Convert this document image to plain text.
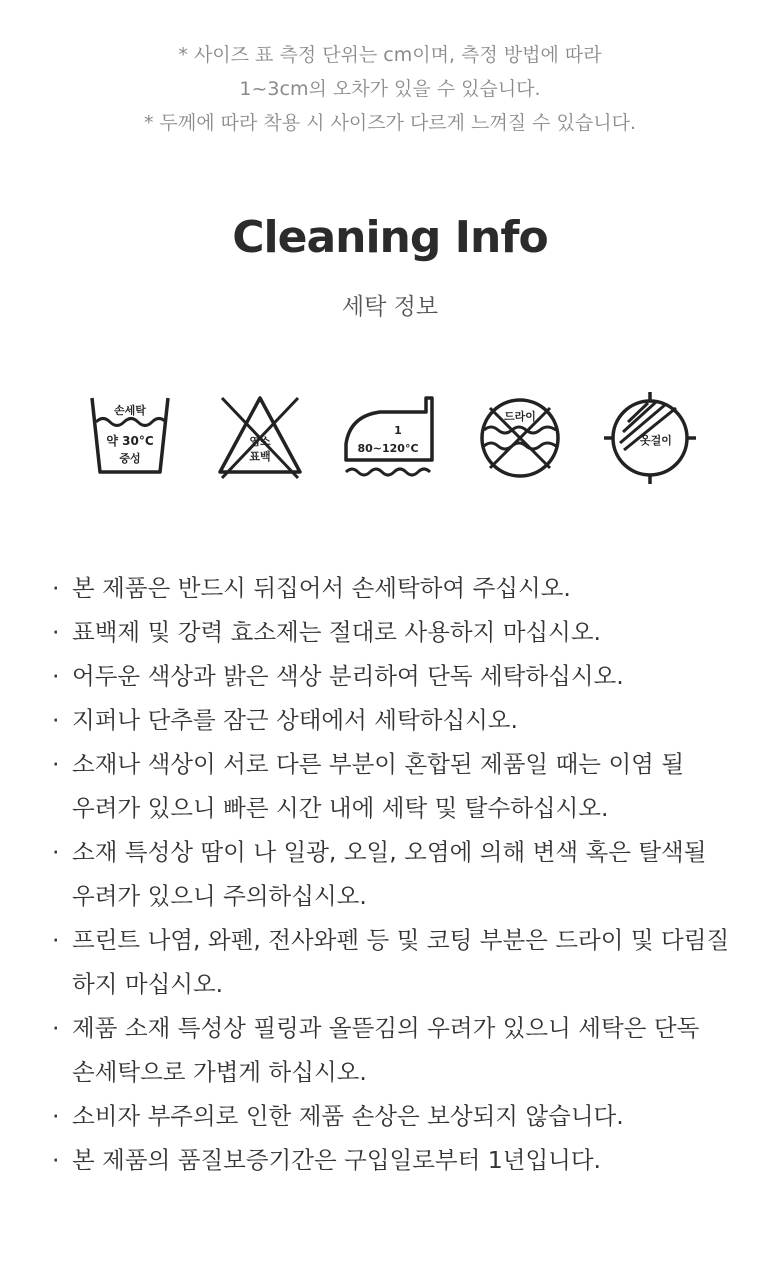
* 사이즈 표 측정 단위는 cm이며, 측정 방법에 따라
1~3cm의 오차가 있을 수 있습니다.
* 두께에 따라 착용 시 사이즈가 다르게 느껴질 수 있습니다.
Cleaning Info
세탁 정보
손세탁
약 30°C
중성
염소
표백
1
80~120°C
드라이
옷걸이
· 본 제품은 반드시 뒤집어서 손세탁하여 주십시오.
· 표백제 및 강력 효소제는 절대로 사용하지 마십시오.
· 어두운 색상과 밝은 색상 분리하여 단독 세탁하십시오.
· 지퍼나 단추를 잠근 상태에서 세탁하십시오.
· 소재나 색상이 서로 다른 부분이 혼합된 제품일 때는 이염 될
우려가 있으니 빠른 시간 내에 세탁 및 탈수하십시오.
· 소재 특성상 땀이 나 일광, 오일, 오염에 의해 변색 혹은 탈색될
우려가 있으니 주의하십시오.
· 프린트 나염, 와펜, 전사와펜 등 및 코팅 부분은 드라이 및 다림질
하지 마십시오.
· 제품 소재 특성상 필링과 올뜯김의 우려가 있으니 세탁은 단독
손세탁으로 가볍게 하십시오.
· 소비자 부주의로 인한 제품 손상은 보상되지 않습니다.
· 본 제품의 품질보증기간은 구입일로부터 1년입니다.
